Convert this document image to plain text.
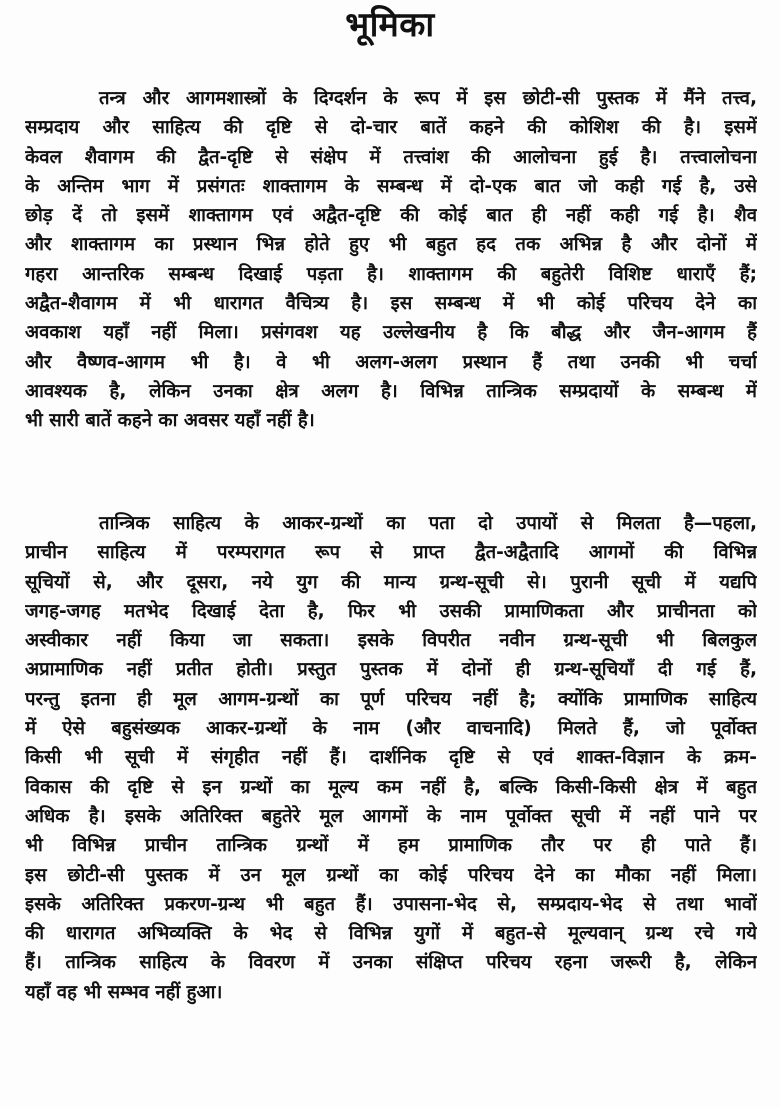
भूमिका
तन्त्र और आगमशास्त्रों के दिग्दर्शन के रूप में इस छोटी-सी पुस्तक में मैंने तत्त्व,
सम्प्रदाय और साहित्य की दृष्टि से दो-चार बातें कहने की कोशिश की है। इसमें
केवल शैवागम की द्वैत-दृष्टि से संक्षेप में तत्त्वांश की आलोचना हुई है। तत्त्वालोचना
के अन्तिम भाग में प्रसंगतः शाक्तागम के सम्बन्ध में दो-एक बात जो कही गई है, उसे
छोड़ दें तो इसमें शाक्तागम एवं अद्वैत-दृष्टि की कोई बात ही नहीं कही गई है। शैव
और शाक्तागम का प्रस्थान भिन्न होते हुए भी बहुत हद तक अभिन्न है और दोनों में
गहरा आन्तरिक सम्बन्ध दिखाई पड़ता है। शाक्तागम की बहुतेरी विशिष्ट धाराएँ हैं;
अद्वैत-शैवागम में भी धारागत वैचित्र्य है। इस सम्बन्ध में भी कोई परिचय देने का
अवकाश यहाँ नहीं मिला। प्रसंगवश यह उल्लेखनीय है कि बौद्ध और जैन-आगम हैं
और वैष्णव-आगम भी है। वे भी अलग-अलग प्रस्थान हैं तथा उनकी भी चर्चा
आवश्यक है, लेकिन उनका क्षेत्र अलग है। विभिन्न तान्त्रिक सम्प्रदायों के सम्बन्ध में
भी सारी बातें कहने का अवसर यहाँ नहीं है।
तान्त्रिक साहित्य के आकर-ग्रन्थों का पता दो उपायों से मिलता है—पहला,
प्राचीन साहित्य में परम्परागत रूप से प्राप्त द्वैत-अद्वैतादि आगमों की विभिन्न
सूचियों से, और दूसरा, नये युग की मान्य ग्रन्थ-सूची से। पुरानी सूची में यद्यपि
जगह-जगह मतभेद दिखाई देता है, फिर भी उसकी प्रामाणिकता और प्राचीनता को
अस्वीकार नहीं किया जा सकता। इसके विपरीत नवीन ग्रन्थ-सूची भी बिलकुल
अप्रामाणिक नहीं प्रतीत होती। प्रस्तुत पुस्तक में दोनों ही ग्रन्थ-सूचियाँ दी गई हैं,
परन्तु इतना ही मूल आगम-ग्रन्थों का पूर्ण परिचय नहीं है; क्योंकि प्रामाणिक साहित्य
में ऐसे बहुसंख्यक आकर-ग्रन्थों के नाम (और वाचनादि) मिलते हैं, जो पूर्वोक्त
किसी भी सूची में संगृहीत नहीं हैं। दार्शनिक दृष्टि से एवं शाक्त-विज्ञान के क्रम-
विकास की दृष्टि से इन ग्रन्थों का मूल्य कम नहीं है, बल्कि किसी-किसी क्षेत्र में बहुत
अधिक है। इसके अतिरिक्त बहुतेरे मूल आगमों के नाम पूर्वोक्त सूची में नहीं पाने पर
भी विभिन्न प्राचीन तान्त्रिक ग्रन्थों में हम प्रामाणिक तौर पर ही पाते हैं।
इस छोटी-सी पुस्तक में उन मूल ग्रन्थों का कोई परिचय देने का मौका नहीं मिला।
इसके अतिरिक्त प्रकरण-ग्रन्थ भी बहुत हैं। उपासना-भेद से, सम्प्रदाय-भेद से तथा भावों
की धारागत अभिव्यक्ति के भेद से विभिन्न युगों में बहुत-से मूल्यवान् ग्रन्थ रचे गये
हैं। तान्त्रिक साहित्य के विवरण में उनका संक्षिप्त परिचय रहना जरूरी है, लेकिन
यहाँ वह भी सम्भव नहीं हुआ।
